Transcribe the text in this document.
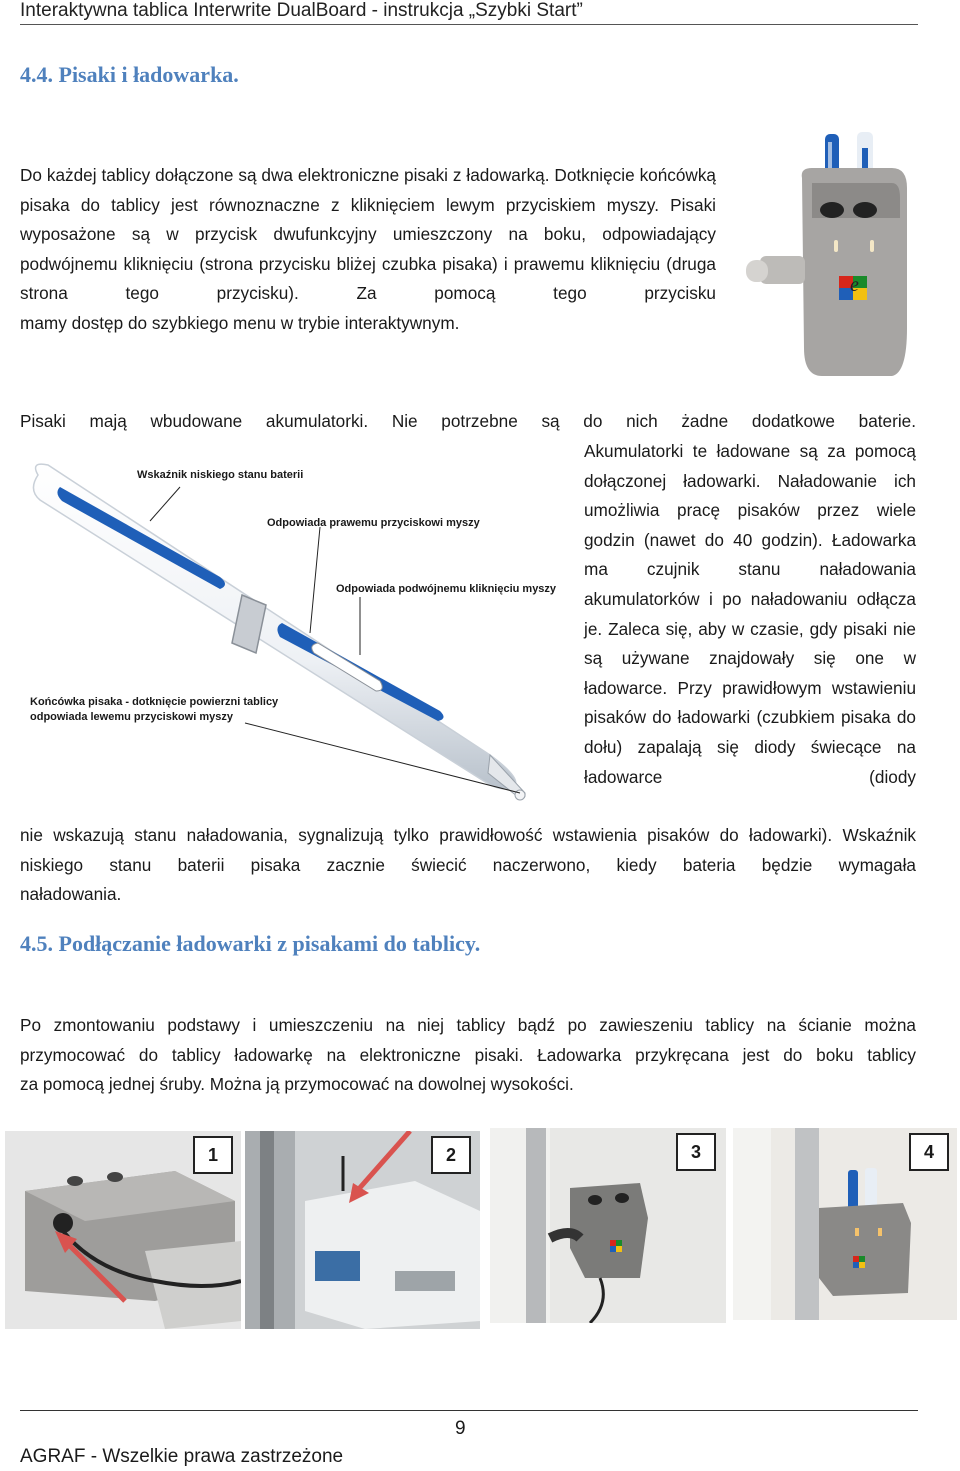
Interaktywna tablica Interwrite DualBoard - instrukcja „Szybki Start”
4.4. Pisaki i ładowarka.
Do każdej tablicy dołączone są dwa elektroniczne pisaki z ładowarką. Dotknięcie końcówką pisaka do tablicy jest równoznaczne z kliknięciem lewym przyciskiem myszy. Pisaki wyposażone są w przycisk dwufunkcyjny umieszczony na boku, odpowiadający podwójnemu kliknięciu (strona przycisku bliżej czubka pisaka) i prawemu kliknięciu (druga strona tego przycisku). Za pomocą tego przycisku
mamy dostęp do szybkiego menu w trybie interaktywnym.
e
Pisaki mają wbudowane akumulatorki. Nie potrzebne są do nich żadne dodatkowe baterie.
Wskaźnik niskiego stanu baterii
Odpowiada prawemu przyciskowi myszy
Odpowiada podwójnemu kliknięciu myszy
Końcówka pisaka - dotknięcie powierzni tablicy
odpowiada lewemu przyciskowi myszy
Akumulatorki te ładowane są za pomocą dołączonej ładowarki. Naładowanie ich umożliwia pracę pisaków przez wiele godzin (nawet do 40 godzin). Ładowarka ma czujnik stanu naładowania akumulatorków i po naładowaniu odłącza je. Zaleca się, aby w czasie, gdy pisaki nie są używane znajdowały się one w ładowarce. Przy prawidłowym wstawieniu pisaków do ładowarki (czubkiem pisaka do dołu) zapalają się diody świecące na ładowarce (diody
nie wskazują stanu naładowania, sygnalizują tylko prawidłowość wstawienia pisaków do ładowarki). Wskaźnik niskiego stanu baterii pisaka zacznie świecić naczerwono, kiedy bateria będzie wymagała
naładowania.
4.5. Podłączanie ładowarki z pisakami do tablicy.
Po zmontowaniu podstawy i umieszczeniu na niej tablicy bądź po zawieszeniu tablicy na ścianie można przymocować do tablicy ładowarkę na elektroniczne pisaki. Ładowarka przykręcana jest do boku tablicy
za pomocą jednej śruby. Można ją przymocować na dowolnej wysokości.
1	2	3	4
9
AGRAF - Wszelkie prawa zastrzeżone
